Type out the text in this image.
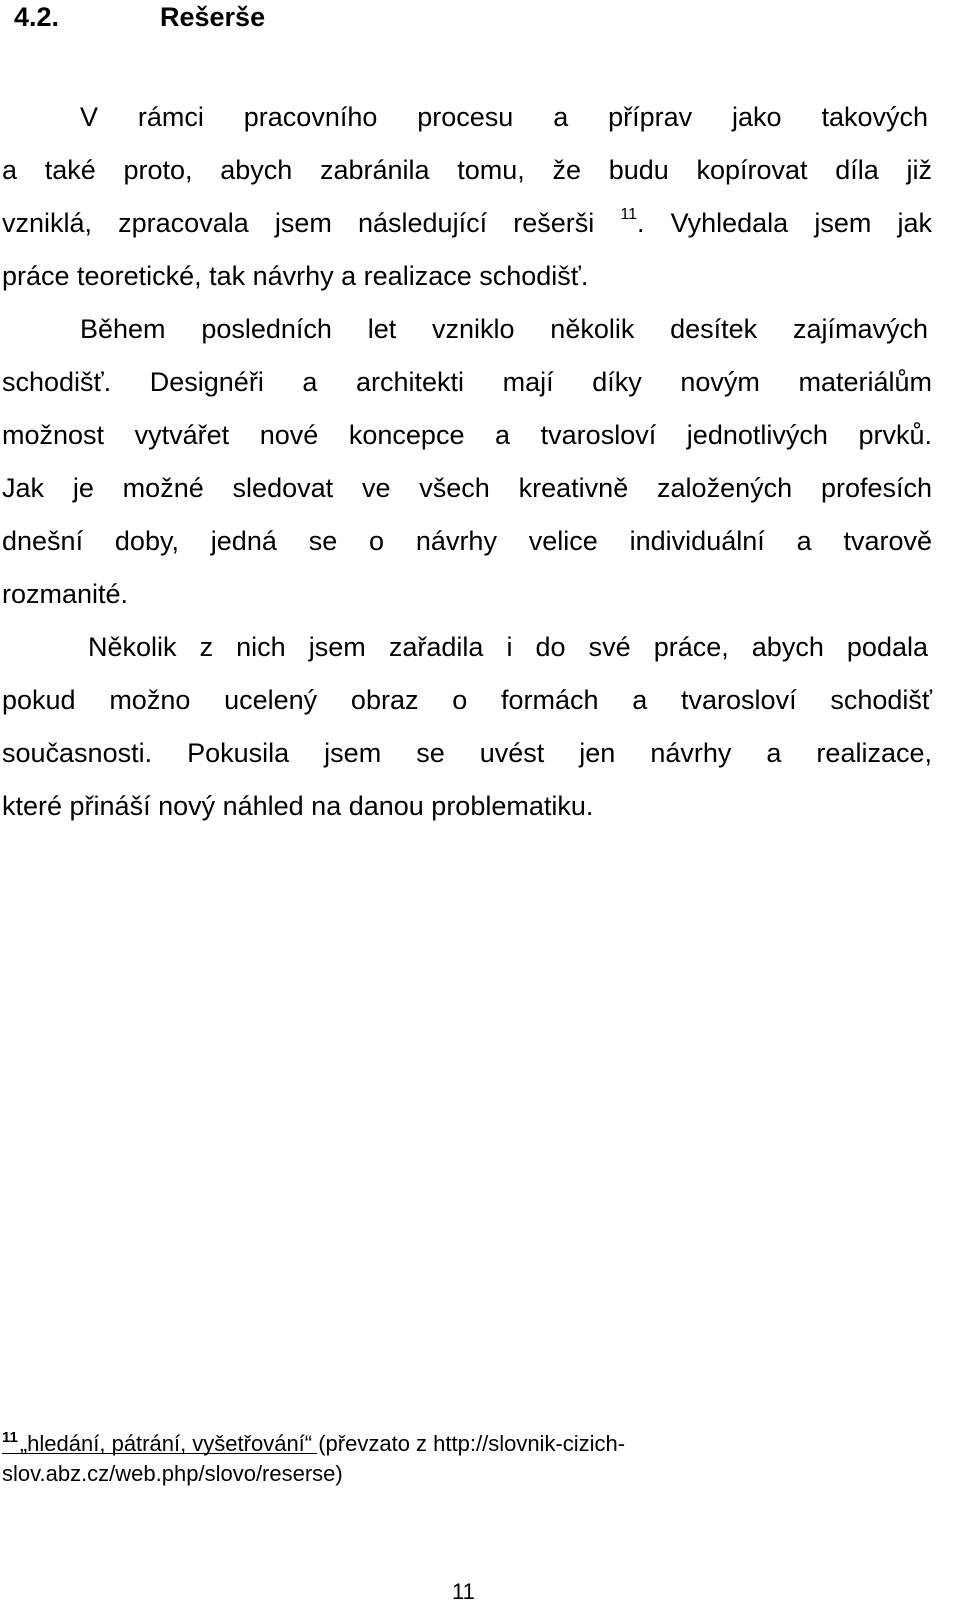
4.2.	Rešerše
V rámci pracovního procesu a příprav jako takových
a také proto, abych zabránila tomu, že budu kopírovat díla již
vzniklá, zpracovala jsem následující rešerši $^{11}$. Vyhledala jsem jak
práce teoretické, tak návrhy a realizace schodišť.
Během posledních let vzniklo několik desítek zajímavých
schodišť. Designéři a architekti mají díky novým materiálům
možnost vytvářet nové koncepce a tvarosloví jednotlivých prvků.
Jak je možné sledovat ve všech kreativně založených profesích
dnešní doby, jedná se o návrhy velice individuální a tvarově
rozmanité.
Několik z nich jsem zařadila i do své práce, abych podala
pokud možno ucelený obraz o formách a tvarosloví schodišť
současnosti. Pokusila jsem se uvést jen návrhy a realizace,
které přináší nový náhled na danou problematiku.
$^{11}$„hledání, pátrání, vyšetřování“ (převzato z http://slovnik-cizich-
slov.abz.cz/web.php/slovo/reserse)
11
